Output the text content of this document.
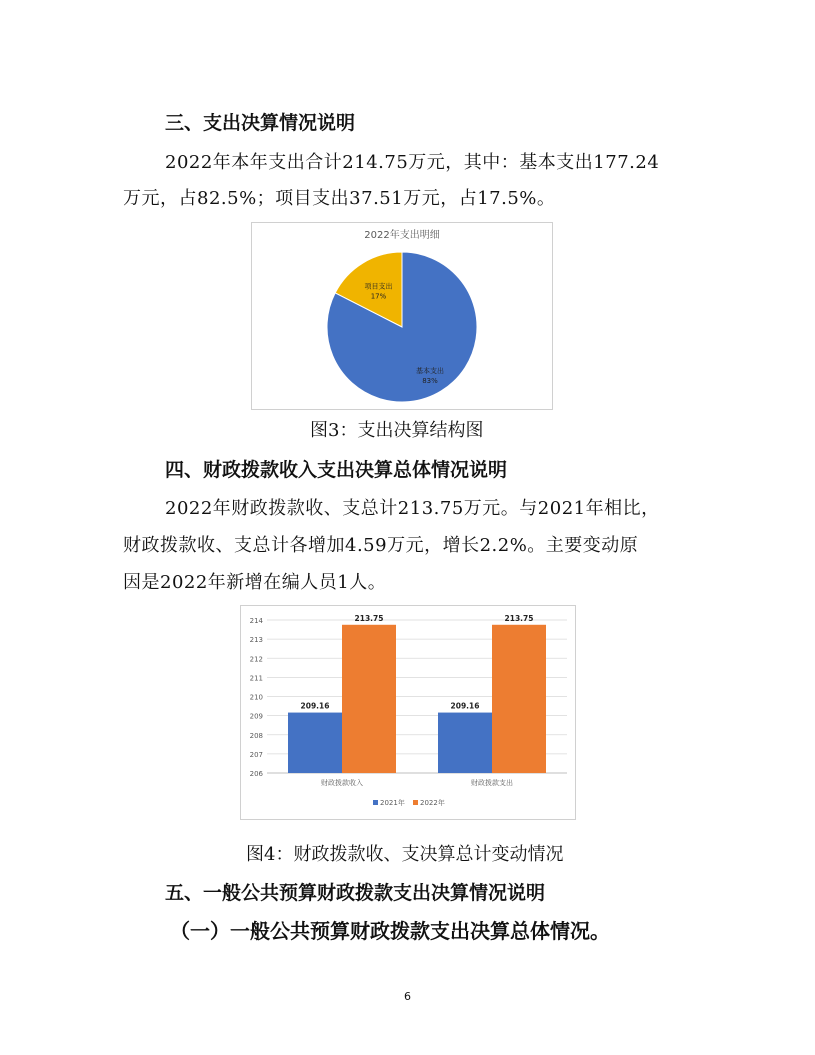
三、支出决算情况说明
2022年本年支出合计214.75万元，其中：基本支出177.24
万元，占82.5%；项目支出37.51万元，占17.5%。
2022年支出明细
项目支出
17%
基本支出
83%
图3：支出决算结构图
四、财政拨款收入支出决算总体情况说明
2022年财政拨款收、支总计213.75万元。与2021年相比，
财政拨款收、支总计各增加4.59万元，增长2.2%。主要变动原
因是2022年新增在编人员1人。
206
207
208
209
210
211
212
213
214
209.16
213.75
209.16
213.75
财政拨款收入	财政拨款支出
2021年 2022年
图4：财政拨款收、支决算总计变动情况
五、一般公共预算财政拨款支出决算情况说明
（一）一般公共预算财政拨款支出决算总体情况。
6
